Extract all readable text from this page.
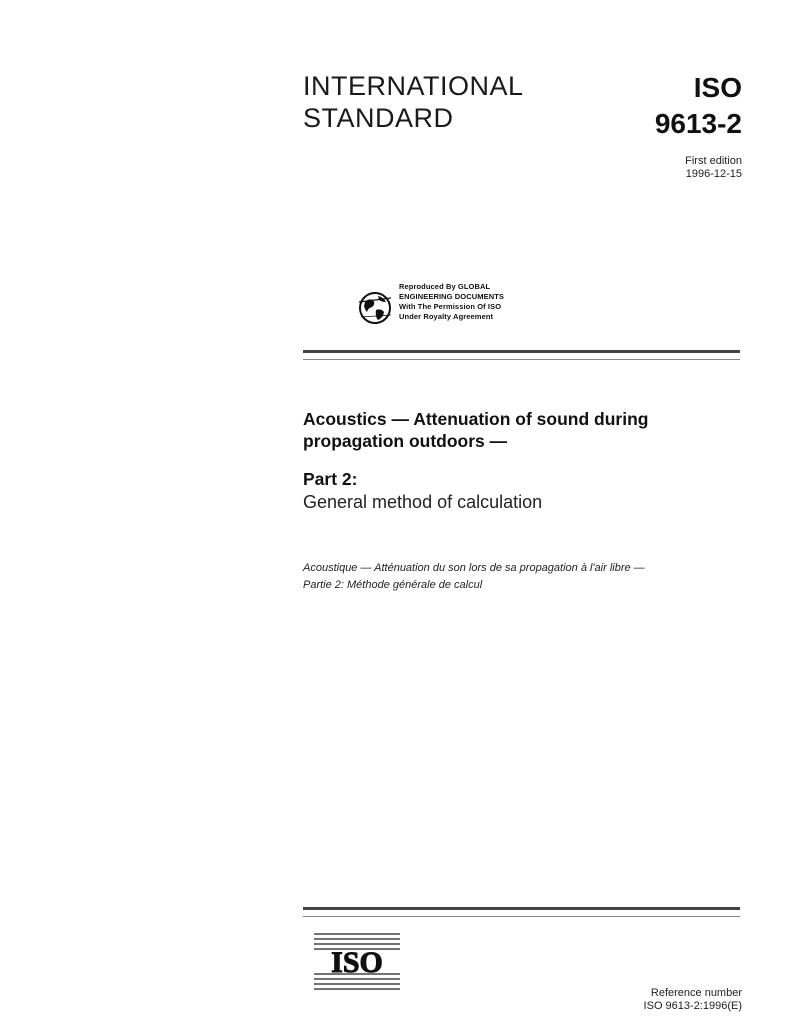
INTERNATIONAL
STANDARD
ISO
9613-2
First edition
1996-12-15
Reproduced By GLOBAL
ENGINEERING DOCUMENTS
With The Permission Of ISO
Under Royalty Agreement
Acoustics — Attenuation of sound during
propagation outdoors —
Part 2:
General method of calculation
Acoustique — Atténuation du son lors de sa propagation à l'air libre —
Partie 2: Méthode générale de calcul
ISO
Reference number
ISO 9613-2:1996(E)
